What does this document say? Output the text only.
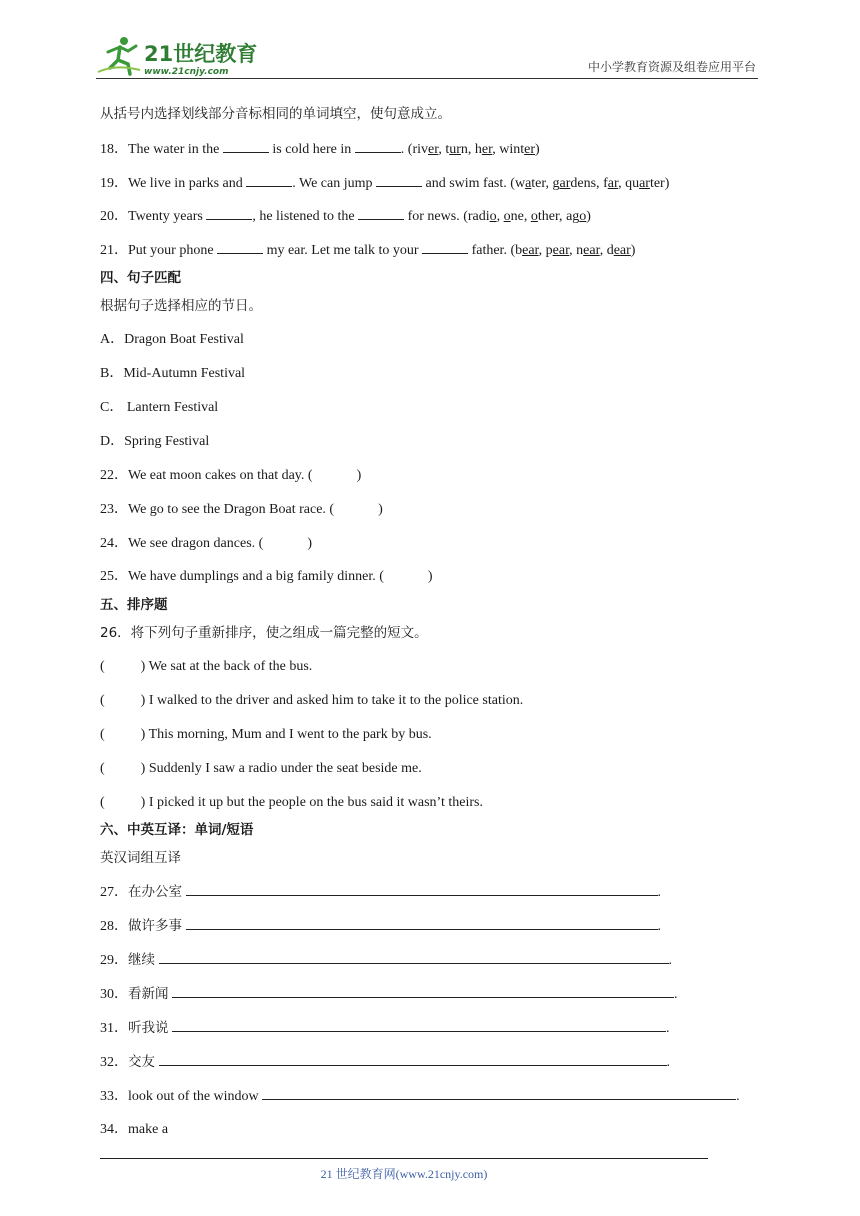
21世纪教育
www.21cnjy.com	中小学教育资源及组卷应用平台
从括号内选择划线部分音标相同的单词填空，使句意成立。
18．The water in the	is cold here in	. (river, turn, her, winter)
19．We live in parks and	. We can jump	and swim fast. (water, gardens, far, quarter)
20．Twenty years	, he listened to the	for news. (radio, one, other, ago)
21．Put your phone	my ear. Let me talk to your	father. (bear, pear, near, dear)
四、句子匹配
根据句子选择相应的节日。
A．Dragon Boat Festival
B．Mid-Autumn Festival
C． Lantern Festival
D．Spring Festival
22．We eat moon cakes on that day. (	)
23．We go to see the Dragon Boat race. (	)
24．We see dragon dances. (	)
25．We have dumplings and a big family dinner. (	)
五、排序题
26．将下列句子重新排序，使之组成一篇完整的短文。
(	) We sat at the back of the bus.
(	) I walked to the driver and asked him to take it to the police station.
(	) This morning, Mum and I went to the park by bus.
(	) Suddenly I saw a radio under the seat beside me.
(	) I picked it up but the people on the bus said it wasn’t theirs.
六、中英互译：单词/短语
英汉词组互译
27．在办公室	.
28．做许多事	.
29．继续	.
30．看新闻	.
31．听我说	.
32．交友	.
33．look out of the window	.
34．make a
21 世纪教育网(www.21cnjy.com)
